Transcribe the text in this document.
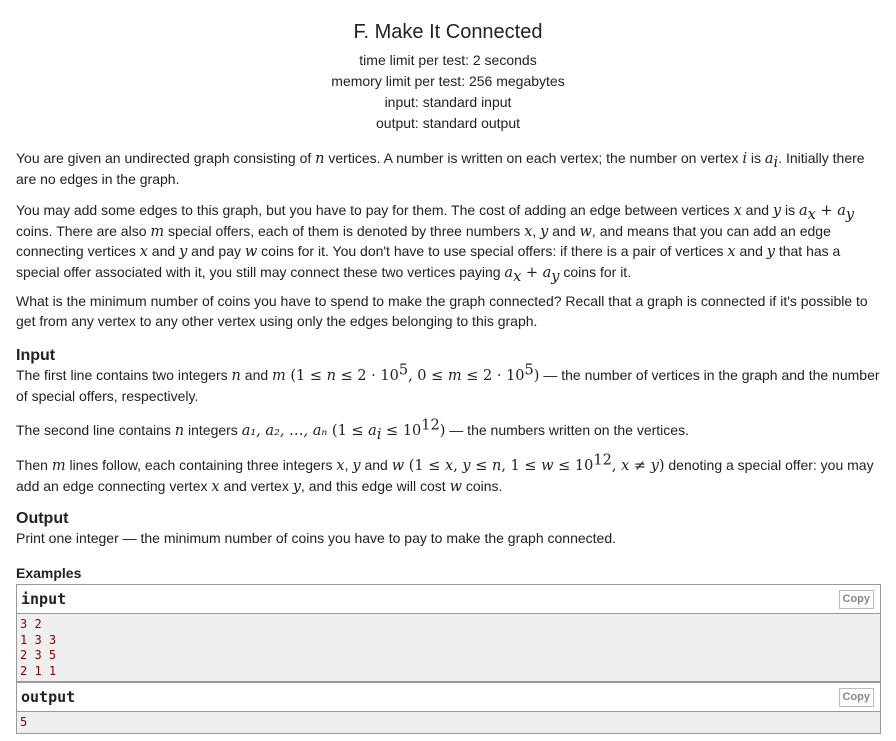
F. Make It Connected
time limit per test: 2 seconds
memory limit per test: 256 megabytes
input: standard input
output: standard output

You are given an undirected graph consisting of n vertices. A number is written on each vertex; the number on vertex i is $a_i$. Initially there are no edges in the graph.

You may add some edges to this graph, but you have to pay for them. The cost of adding an edge between vertices x and y is $a_x + a_y$ coins. There are also m special offers, each of them is denoted by three numbers x, y and w, and means that you can add an edge connecting vertices x and y and pay w coins for it. You don't have to use special offers: if there is a pair of vertices x and y that has a special offer associated with it, you still may connect these two vertices paying $a_x + a_y$ coins for it.

What is the minimum number of coins you have to spend to make the graph connected? Recall that a graph is connected if it's possible to get from any vertex to any other vertex using only the edges belonging to this graph.

Input

The first line contains two integers n and m ($1 \le n \le 2 \cdot 10^5$, $0 \le m \le 2 \cdot 10^5$) — the number of vertices in the graph and the number of special offers, respectively.

The second line contains n integers a₁, a₂, …, aₙ $(1 \le a_i \le 10^{12})$ — the numbers written on the vertices.

Then m lines follow, each containing three integers x, y and w (1 ≤ x, y ≤ n, $1 \le w \le 10^{12}$, x ≠ y) denoting a special offer: you may add an edge connecting vertex x and vertex y, and this edge will cost w coins.

Output

Print one integer — the minimum number of coins you have to pay to make the graph connected.

Examples
input	Copy
3 2
1 3 3
2 3 5
2 1 1
output	Copy
5
